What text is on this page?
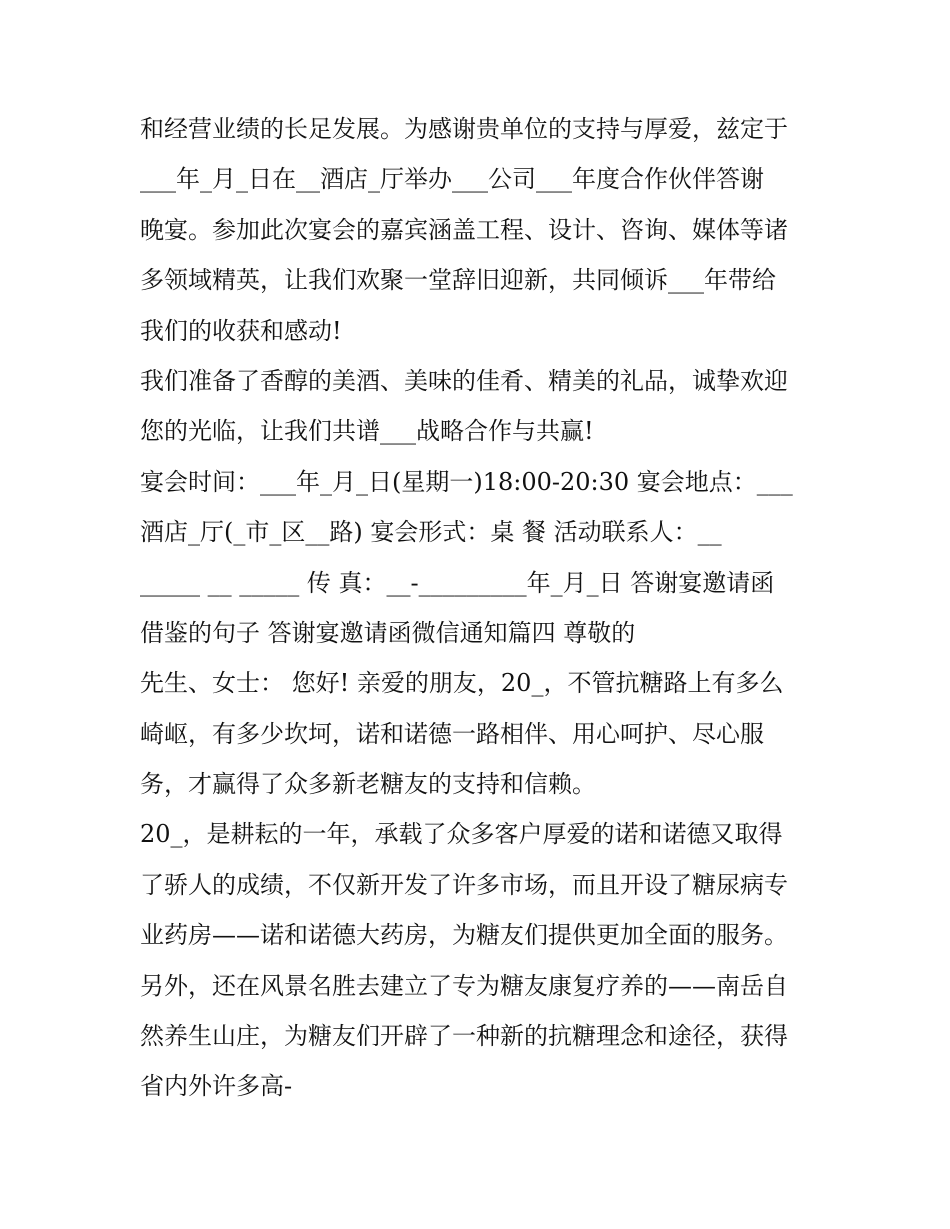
和经营业绩的长足发展。为感谢贵单位的支持与厚爱，兹定于
___年_月_日在__酒店_厅举办___公司___年度合作伙伴答谢
晚宴。参加此次宴会的嘉宾涵盖工程、设计、咨询、媒体等诸
多领域精英，让我们欢聚一堂辞旧迎新，共同倾诉___年带给
我们的收获和感动!
我们准备了香醇的美酒、美味的佳肴、精美的礼品，诚挚欢迎
您的光临，让我们共谱___战略合作与共赢!
宴会时间：___年_月_日(星期一)18:00-20:30 宴会地点：___
酒店_厅(_市_区__路) 宴会形式：桌 餐 活动联系人：__
_____ __ _____ 传 真：__-_________年_月_日 答谢宴邀请函
借鉴的句子 答谢宴邀请函微信通知篇四 尊敬的
先生、女士： 您好! 亲爱的朋友，20_，不管抗糖路上有多么
崎岖，有多少坎坷，诺和诺德一路相伴、用心呵护、尽心服
务，才赢得了众多新老糖友的支持和信赖。
20_，是耕耘的一年，承载了众多客户厚爱的诺和诺德又取得
了骄人的成绩，不仅新开发了许多市场，而且开设了糖尿病专
业药房——诺和诺德大药房，为糖友们提供更加全面的服务。
另外，还在风景名胜去建立了专为糖友康复疗养的——南岳自
然养生山庄，为糖友们开辟了一种新的抗糖理念和途径，获得
省内外许多高-
